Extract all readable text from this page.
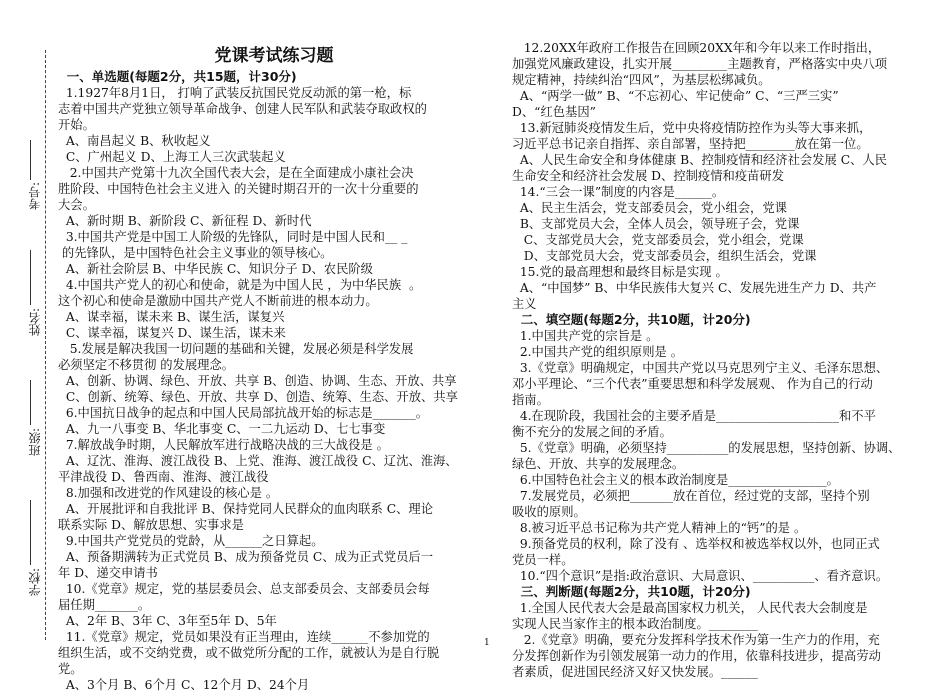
考号:
姓名:
班级:
学校:
党课考试练习题

一、单选题(每题2分，共15题，计30分)

1.1927年8月1日， 打响了武装反抗国民党反动派的第一枪，标

志着中国共产党独立领导革命战争、创建人民军队和武装夺取政权的

开始。

A、南昌起义 B、秋收起义

C、广州起义 D、上海工人三次武装起义

2.中国共产党第十九次全国代表大会，是在全面建成小康社会决

胜阶段、中国特色社会主义进入 的关键时期召开的一次十分重要的

大会。

A、新时期 B、新阶段 C、新征程 D、新时代

3.中国共产党是中国工人阶级的先锋队，同时是中国人民和__ _

的先锋队，是中国特色社会主义事业的领导核心。

A、新社会阶层 B、中华民族 C、知识分子 D、农民阶级

4.中国共产党人的初心和使命，就是为中国人民 ，为中华民族  。

这个初心和使命是激励中国共产党人不断前进的根本动力。

A、谋幸福，谋未来 B、谋生活，谋复兴

C、谋幸福，谋复兴 D、谋生活，谋未来

5.发展是解决我国一切问题的基础和关键，发展必须是科学发展

必须坚定不移贯彻 的发展理念。

A、创新、协调、绿色、开放、共享 B、创造、协调、生态、开放、共享

C、创新、统筹、绿色、开放、共享 D、创造、统筹、生态、开放、共享

6.中国抗日战争的起点和中国人民局部抗战开始的标志是_______。

A、九一八事变 B、华北事变 C、一二九运动 D、七七事变

7.解放战争时期，人民解放军进行战略决战的三大战役是 。

A、辽沈、淮海、渡江战役 B、上党、淮海、渡江战役 C、辽沈、淮海、

平津战役 D、鲁西南、淮海、渡江战役

8.加强和改进党的作风建设的核心是 。

A、开展批评和自我批评 B、保持党同人民群众的血肉联系 C、理论

联系实际 D、解放思想、实事求是

9.中国共产党党员的党龄，从______之日算起。

A、预备期满转为正式党员 B、成为预备党员 C、成为正式党员后一

年 D、递交申请书

10.《党章》规定，党的基层委员会、总支部委员会、支部委员会每

届任期_______。

A、2年 B、3年 C、3年至5年 D、5年

11.《党章》规定，党员如果没有正当理由，连续______不参加党的

组织生活，或不交纳党费，或不做党所分配的工作，就被认为是自行脱

党。

A、3个月 B、6个月 C、12个月 D、24个月

12.20XX年政府工作报告在回顾20XX年和今年以来工作时指出，

加强党风廉政建设，扎实开展_________主题教育，严格落实中央八项

规定精神，持续纠治“四风”，为基层松绑减负。

A、“两学一做” B、“不忘初心、牢记使命” C、“三严三实”

D、“红色基因”

13.新冠肺炎疫情发生后，党中央将疫情防控作为头等大事来抓，

习近平总书记亲自指挥、亲自部署，坚持把________放在第一位。

A、人民生命安全和身体健康 B、控制疫情和经济社会发展 C、人民

生命安全和经济社会发展 D、控制疫情和疫苗研发

14.“三会一课”制度的内容是______。

A、民主生活会，党支部委员会，党小组会，党课

B、支部党员大会，全体人员会，领导班子会，党课

C、支部党员大会，党支部委员会，党小组会，党课

D、支部党员大会，党支部委员会，组织生活会，党课

15.党的最高理想和最终目标是实现 。

A、“中国梦” B、中华民族伟大复兴 C、发展先进生产力 D、共产

主义

二、填空题(每题2分，共10题，计20分)

1.中国共产党的宗旨是 。

2.中国共产党的组织原则是 。

3.《党章》明确规定，中国共产党以马克思列宁主义、毛泽东思想、

邓小平理论、“三个代表”重要思想和科学发展观、 作为自己的行动

指南。

4.在现阶段，我国社会的主要矛盾是____________________和不平

衡不充分的发展之间的矛盾。

5.《党章》明确，必须坚持__________的发展思想，坚持创新、协调、

绿色、开放、共享的发展理念。

6.中国特色社会主义的根本政治制度是________________。

7.发展党员，必须把_______放在首位，经过党的支部，坚持个别

吸收的原则。

8.被习近平总书记称为共产党人精神上的“钙”的是 。

9.预备党员的权利，除了没有 、选举权和被选举权以外，也同正式

党员一样。

10.“四个意识”是指:政治意识、大局意识、__________、看齐意识。

三、判断题(每题2分，共10题，计20分)

1.全国人民代表大会是最高国家权力机关， 人民代表大会制度是

实现人民当家作主的根本政治制度。________

2.《党章》明确，要充分发挥科学技术作为第一生产力的作用，充

分发挥创新作为引领发展第一动力的作用，依靠科技进步，提高劳动

者素质，促进国民经济又好又快发展。______

1
